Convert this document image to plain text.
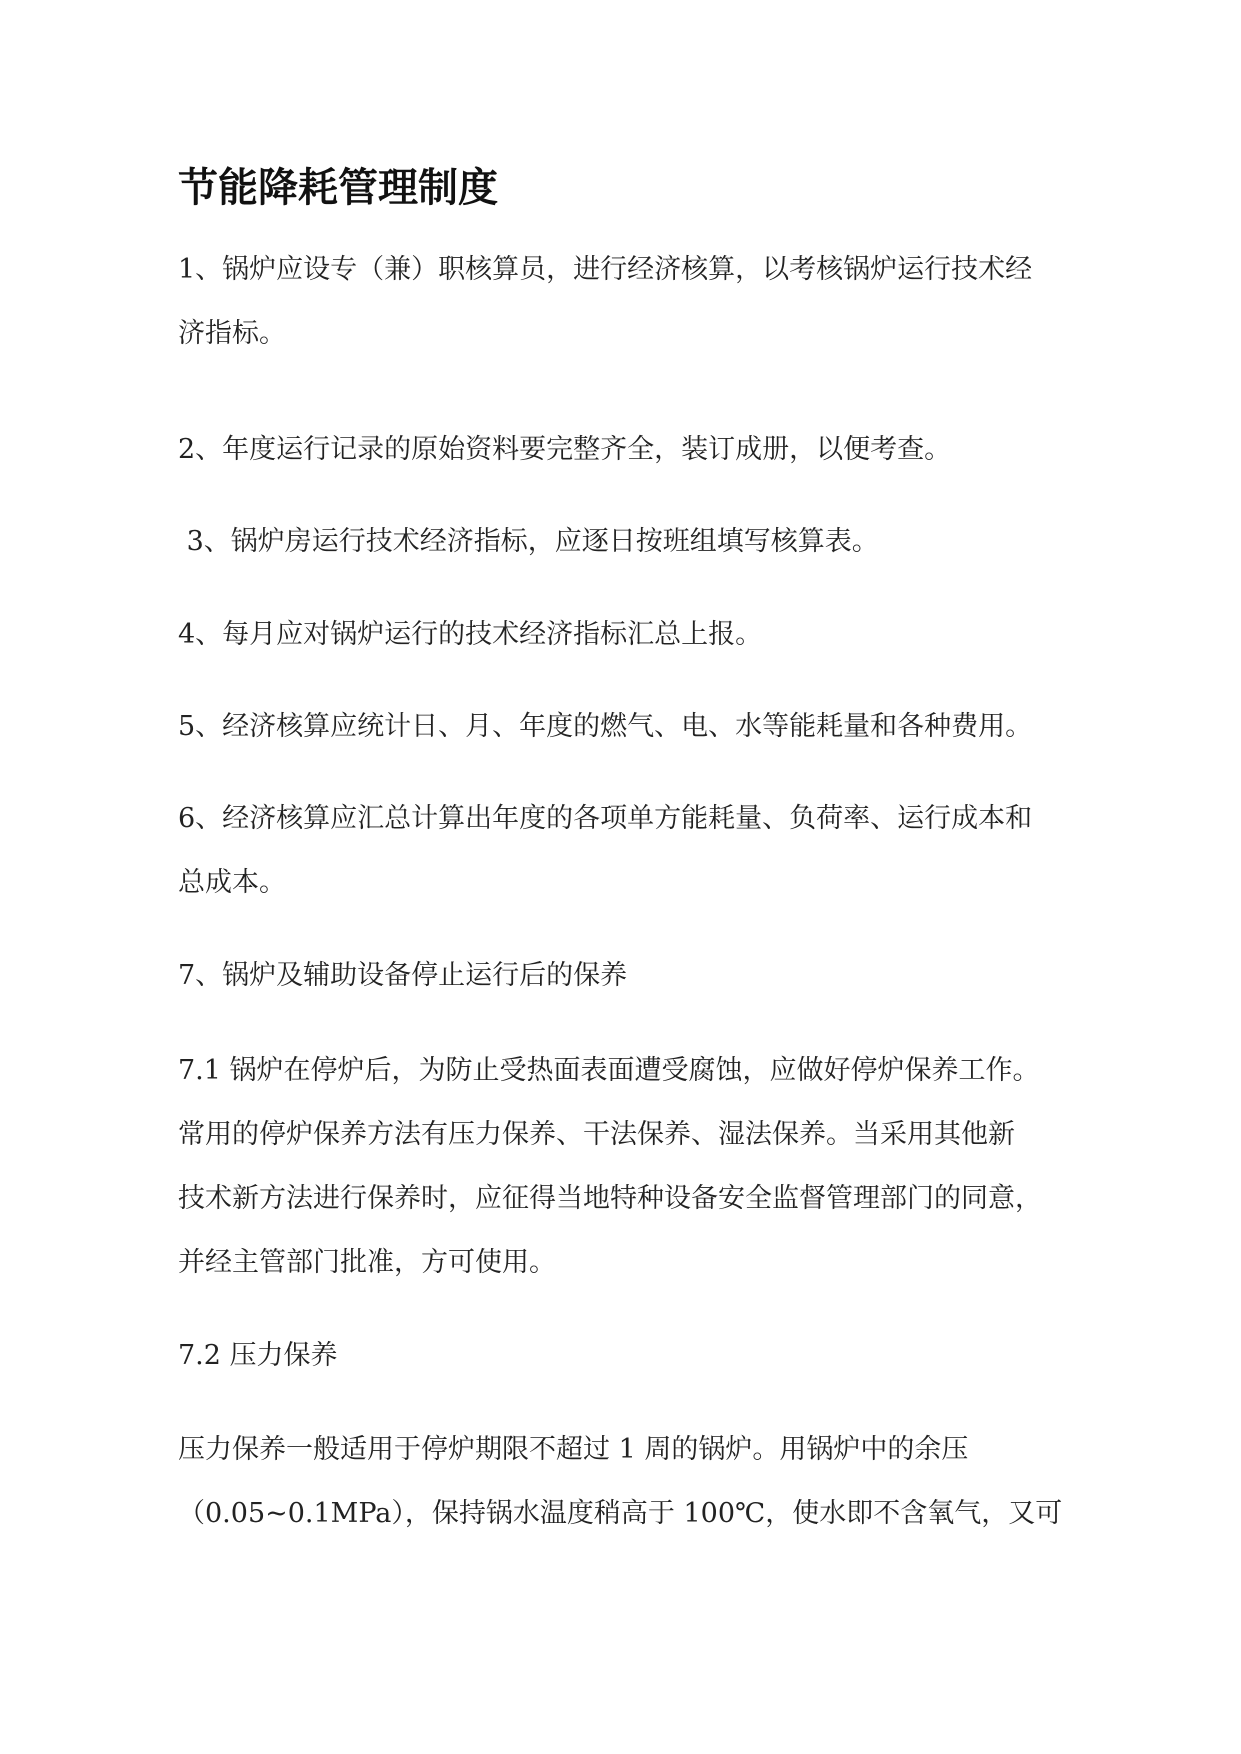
节能降耗管理制度

1、锅炉应设专（兼）职核算员，进行经济核算，以考核锅炉运行技术经
济指标。

2、年度运行记录的原始资料要完整齐全，装订成册，以便考查。

3、锅炉房运行技术经济指标，应逐日按班组填写核算表。

4、每月应对锅炉运行的技术经济指标汇总上报。

5、经济核算应统计日、月、年度的燃气、电、水等能耗量和各种费用。

6、经济核算应汇总计算出年度的各项单方能耗量、负荷率、运行成本和
总成本。

7、锅炉及辅助设备停止运行后的保养

7.1 锅炉在停炉后，为防止受热面表面遭受腐蚀，应做好停炉保养工作。
常用的停炉保养方法有压力保养、干法保养、湿法保养。当采用其他新
技术新方法进行保养时，应征得当地特种设备安全监督管理部门的同意，
并经主管部门批准，方可使用。

7.2 压力保养

压力保养一般适用于停炉期限不超过 1 周的锅炉。用锅炉中的余压
（0.05~0.1MPa），保持锅水温度稍高于 100℃，使水即不含氧气，又可
